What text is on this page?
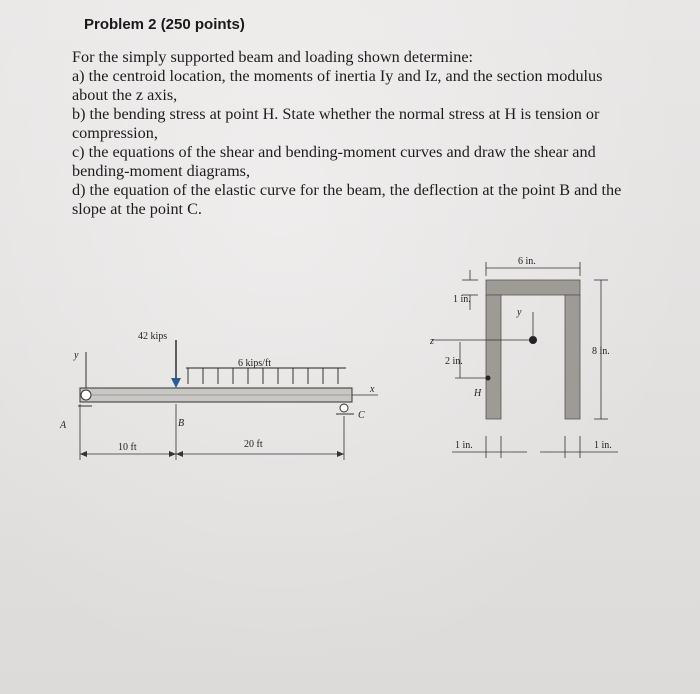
Problem 2 (250 points)
For the simply supported beam and loading shown determine:
a) the centroid location, the moments of inertia Iy and Iz, and the section modulus
about the z axis,
b) the bending stress at point H. State whether the normal stress at H is tension or
compression,
c) the equations of the shear and bending-moment curves and draw the shear and
bending-moment diagrams,
d) the equation of the elastic curve for the beam, the deflection at the point B and the
slope at the point C.
y
42 kips
6 kips/ft
A
C
x
B
10 ft	20 ft
6 in.
1 in.
z
y
2 in.
H
8 in.
1 in.	1 in.
